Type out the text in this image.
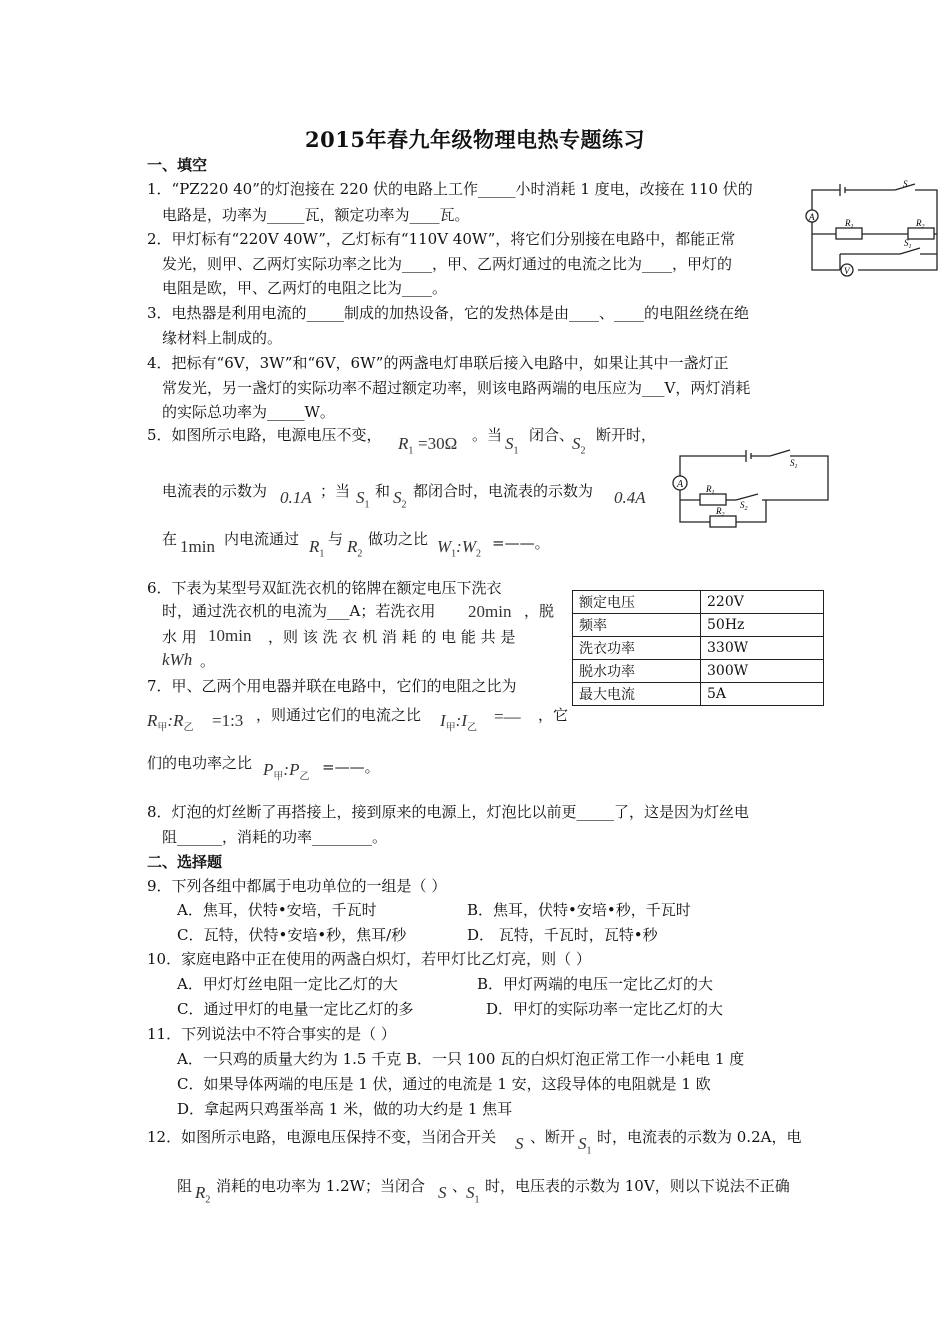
2015年春九年级物理电热专题练习
一、填空
1．“PZ220 40”的灯泡接在 220 伏的电路上工作_____小时消耗 1 度电，改接在 110 伏的
电路是，功率为_____瓦，额定功率为____瓦。	A
V
S
$R_1$	$R_2$
$S_1$
2．甲灯标有“220V 40W”，乙灯标有“110V 40W”，将它们分别接在电路中，都能正常
发光，则甲、乙两灯实际功率之比为____，甲、乙两灯通过的电流之比为____，甲灯的
电阻是欧，甲、乙两灯的电阻之比为____。
3．电热器是利用电流的_____制成的加热设备，它的发热体是由____、____的电阻丝绕在绝
缘材料上制成的。
4．把标有“6V，3W”和“6V，6W”的两盏电灯串联后接入电路中，如果让其中一盏灯正
常发光，另一盏灯的实际功率不超过额定功率，则该电路两端的电压应为___V，两灯消耗
的实际总功率为_____W。
5．如图所示电路，电源电压不变， $R_1 =30\Omega$ 。当 $S_1$
闭合、
$S_2$
断开时，
电流表的示数为 0.1A ；当 $S_1$
和 $S_2$
都闭合时，电流表的示数为 0.4A
在 1min 内电流通过 $R_1$
与 $R_2$
做功之比 $W_1:W_2$
=——。
A
$S_1$
$R_1$
$S_2$
$R_2$
6．下表为某型号双缸洗衣机的铭牌在额定电压下洗衣
时，通过洗衣机的电流为___A；若洗衣用 20min ，脱
水 用 10min ，则 该 洗 衣 机 消 耗 的 电 能 共 是
kWh 。
额定电压	220V
频率	50Hz
洗衣功率	330W
脱水功率	300W
最大电流	5A
7．甲、乙两个用电器并联在电路中，它们的电阻之比为
$R_甲:R_乙$ =1:3 ，则通过它们的电流之比 $I_甲:I_乙$
=— ，它
们的电功率之比 $P_甲:P_乙$
=——。
8．灯泡的灯丝断了再搭接上，接到原来的电源上，灯泡比以前更_____了，这是因为灯丝电
阻______，消耗的功率________。
二、选择题
9．下列各组中都属于电功单位的一组是（ ）
A．焦耳，伏特•安培，千瓦时	B．焦耳，伏特•安培•秒，千瓦时
C．瓦特，伏特•安培•秒，焦耳/秒	D． 瓦特，千瓦时，瓦特•秒
10．家庭电路中正在使用的两盏白炽灯，若甲灯比乙灯亮，则（ ）
A．甲灯灯丝电阻一定比乙灯的大	B．甲灯两端的电压一定比乙灯的大
C．通过甲灯的电量一定比乙灯的多	D．甲灯的实际功率一定比乙灯的大
11．下列说法中不符合事实的是（ ）
A．一只鸡的质量大约为 1.5 千克 B．一只 100 瓦的白炽灯泡正常工作一小耗电 1 度
C．如果导体两端的电压是 1 伏，通过的电流是 1 安，这段导体的电阻就是 1 欧
D．拿起两只鸡蛋举高 1 米，做的功大约是 1 焦耳
12．如图所示电路，电源电压保持不变，当闭合开关 S 、断开 $S_1$
时，电流表的示数为 0.2A，电
阻 $R_2$
消耗的电功率为 1.2W；当闭合 S 、
$S_1$
时，电压表的示数为 10V，则以下说法不正确
